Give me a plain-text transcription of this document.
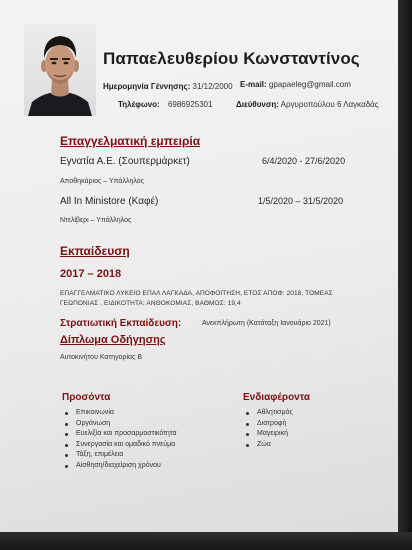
Παπαελευθερίου Κωνσταντίνος
Ημερομηνία Γέννησης: 31/12/2000 E-mail: gpapaeleg@gmail.com
Τηλέφωνο: 6986925301	Διεύθυνση: Αργυροπούλου 6 Λαγκαδάς
Επαγγελματική εμπειρία
Εγνατία Α.Ε. (Σουπερμάρκετ)	6/4/2020 - 27/6/2020
Αποθηκάριος – Υπάλληλος
All In Ministore (Καφέ)	1/5/2020 – 31/5/2020
Ντελίβερι – Υπάλληλος
Εκπαίδευση
2017 – 2018
ΕΠΑΓΓΕΛΜΑΤΙΚΟ ΛΥΚΕΙΟ ΕΠΑΛ ΛΑΓΚΑΔΑ, ΑΠΟΦΟΙΤΗΣΗ, ΕΤΟΣ ΑΠΟΦ: 2018, ΤΟΜΕΑΣ
ΓΕΩΠΟΝΙΑΣ , ΕΙΔΙΚΟΤΗΤΑ: ΑΝΘΟΚΟΜΙΑΣ, ΒΑΘΜΟΣ: 19,4
Στρατιωτική Εκπαίδευση:	Ανεκπλήρωτη (Κατάταξη Ιανουάριο 2021)
Δίπλωμα Οδήγησης
Αυτοκινήτου Κατηγορίας Β
Προσόντα
Επικοινωνία
Οργάνωση
Ευελιξία και προσαρμοστικότητα
Συνεργασία και ομαδικό πνεύμα
Τάξη, επιμέλεια
Αίσθηση/διαχείριση χρόνου
Ενδιαφέροντα
Αθλητισμός
Διατροφή
Μαγειρική
Ζώα
